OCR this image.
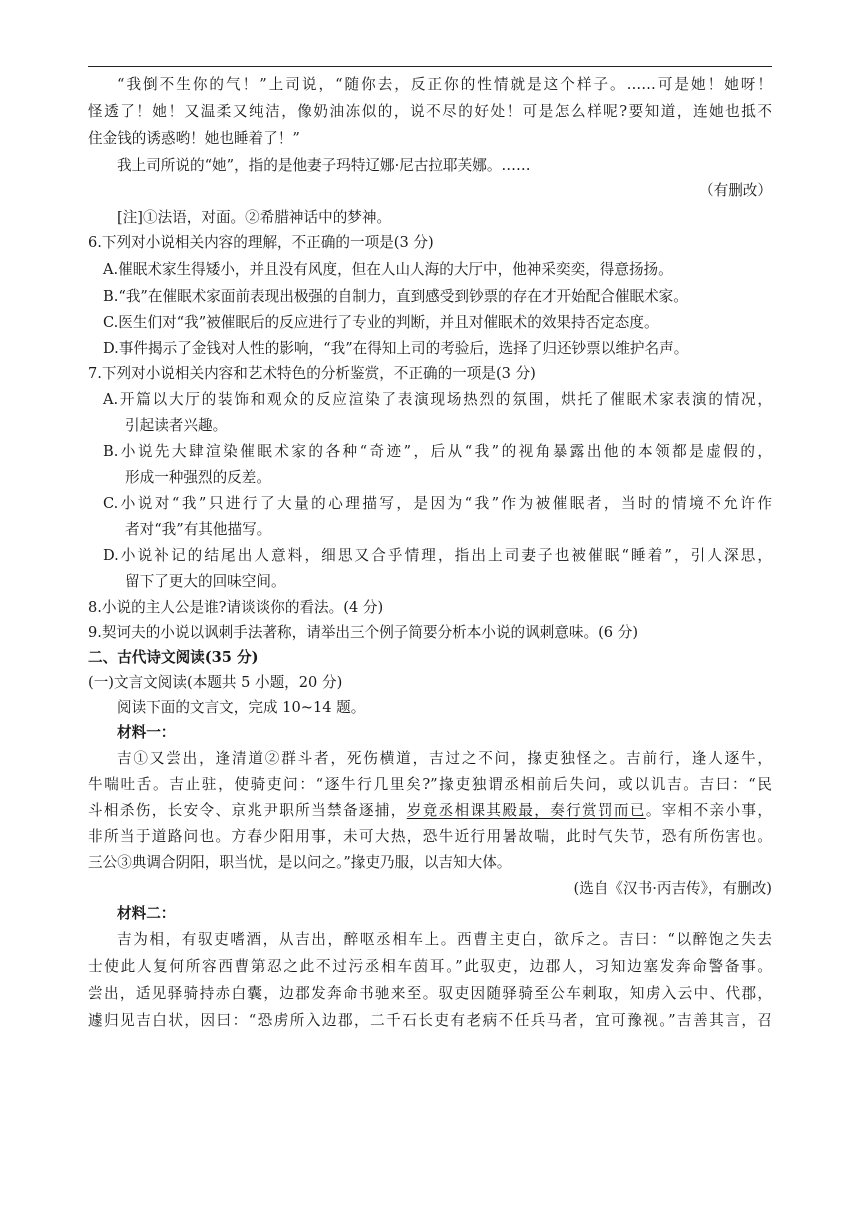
“我倒不生你的气！”上司说，“随你去，反正你的性情就是这个样子。……可是她！她呀！
怪透了！她！又温柔又纯洁，像奶油冻似的，说不尽的好处！可是怎么样呢?要知道，连她也抵不
住金钱的诱惑哟！她也睡着了！”
我上司所说的“她”，指的是他妻子玛特辽娜·尼古拉耶芙娜。……
（有删改）
[注]①法语，对面。②希腊神话中的梦神。
6.下列对小说相关内容的理解，不正确的一项是(3 分)
A.催眠术家生得矮小，并且没有风度，但在人山人海的大厅中，他神采奕奕，得意扬扬。
B.“我”在催眠术家面前表现出极强的自制力，直到感受到钞票的存在才开始配合催眠术家。
C.医生们对“我”被催眠后的反应进行了专业的判断，并且对催眠术的效果持否定态度。
D.事件揭示了金钱对人性的影响，“我”在得知上司的考验后，选择了归还钞票以维护名声。
7.下列对小说相关内容和艺术特色的分析鉴赏，不正确的一项是(3 分)
A.开篇以大厅的装饰和观众的反应渲染了表演现场热烈的氛围，烘托了催眠术家表演的情况，
引起读者兴趣。
B.小说先大肆渲染催眠术家的各种“奇迹”，后从“我”的视角暴露出他的本领都是虚假的，
形成一种强烈的反差。
C.小说对“我”只进行了大量的心理描写，是因为“我”作为被催眠者，当时的情境不允许作
者对“我”有其他描写。
D.小说补记的结尾出人意料，细思又合乎情理，指出上司妻子也被催眠“睡着”，引人深思，
留下了更大的回味空间。
8.小说的主人公是谁?请谈谈你的看法。(4 分)
9.契诃夫的小说以讽刺手法著称，请举出三个例子简要分析本小说的讽刺意味。(6 分)
二、古代诗文阅读(35 分)
(一)文言文阅读(本题共 5 小题，20 分)
阅读下面的文言文，完成 10~14 题。
材料一：
吉①又尝出，逢清道②群斗者，死伤横道，吉过之不问，掾吏独怪之。吉前行，逢人逐牛，
牛喘吐舌。吉止驻，使骑吏问：“逐牛行几里矣?”掾吏独谓丞相前后失问，或以讥吉。吉曰：“民
斗相杀伤，长安令、京兆尹职所当禁备逐捕，岁竟丞相课其殿最，奏行赏罚而已。宰相不亲小事，
非所当于道路问也。方春少阳用事，未可大热，恐牛近行用暑故喘，此时气失节，恐有所伤害也。
三公③典调合阴阳，职当忧，是以问之。”掾吏乃服，以吉知大体。
(选自《汉书·丙吉传》，有删改)
材料二：
吉为相，有驭吏嗜酒，从吉出，醉呕丞相车上。西曹主吏白，欲斥之。吉曰：“以醉饱之失去
士使此人复何所容西曹第忍之此不过污丞相车茵耳。”此驭吏，边郡人，习知边塞发奔命警备事。
尝出，适见驿骑持赤白囊，边郡发奔命书驰来至。驭吏因随驿骑至公车刺取，知虏入云中、代郡，
遽归见吉白状，因曰：“恐虏所入边郡，二千石长吏有老病不任兵马者，宜可豫视。”吉善其言，召
